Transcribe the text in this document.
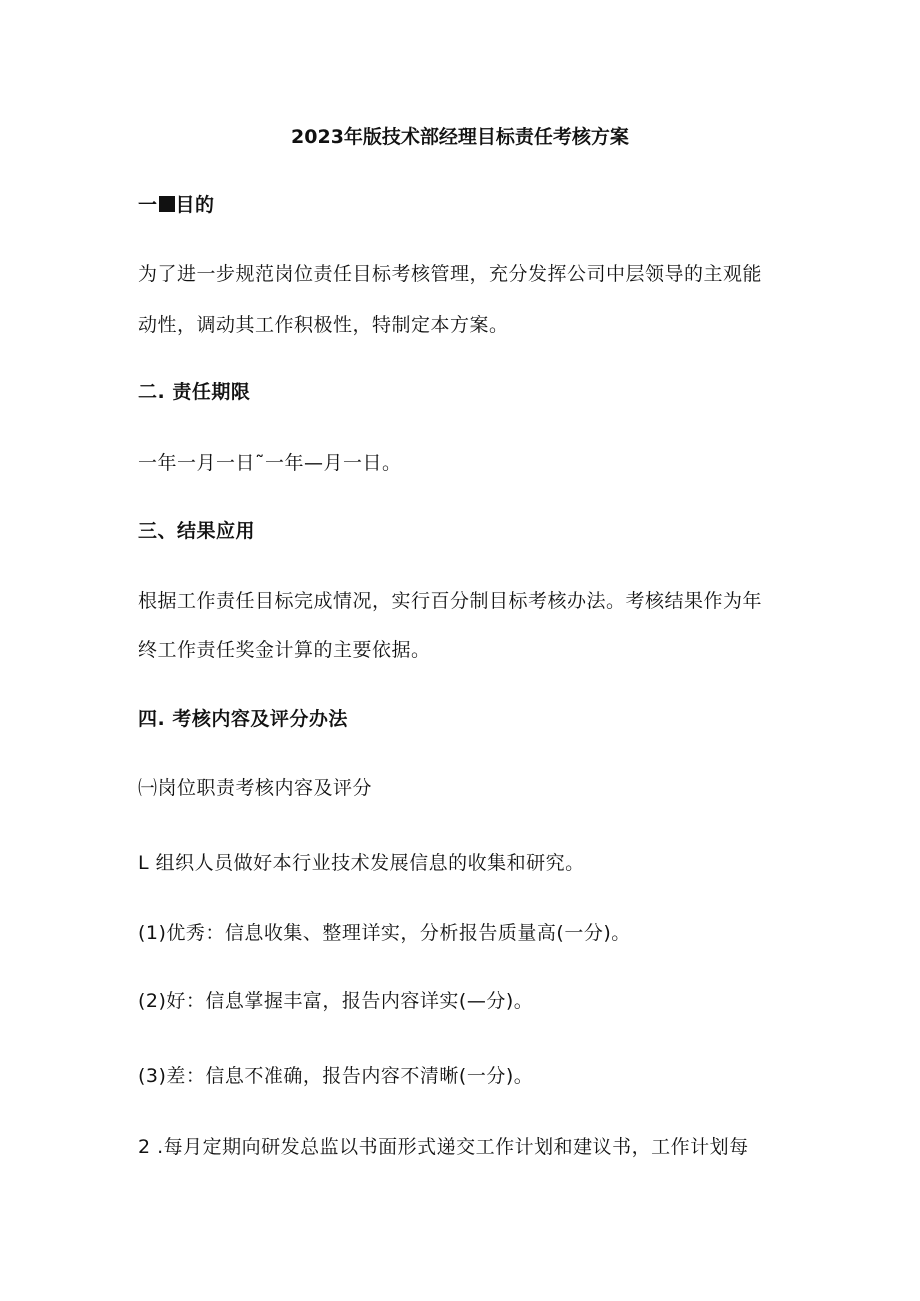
2023年版技术部经理目标责任考核方案
一 目的
为了进一步规范岗位责任目标考核管理，充分发挥公司中层领导的主观能
动性，调动其工作积极性，特制定本方案。
二. 责任期限
一年一月一日˜一年—月一日。
三、结果应用
根据工作责任目标完成情况，实行百分制目标考核办法。考核结果作为年
终工作责任奖金计算的主要依据。
四. 考核内容及评分办法
㈠岗位职责考核内容及评分
L 组织人员做好本行业技术发展信息的收集和研究。
(1)优秀：信息收集、整理详实，分析报告质量高(一分)。
(2)好：信息掌握丰富，报告内容详实(—分)。
(3)差：信息不准确，报告内容不清晰(一分)。
2 .每月定期向研发总监以书面形式递交工作计划和建议书，工作计划每
